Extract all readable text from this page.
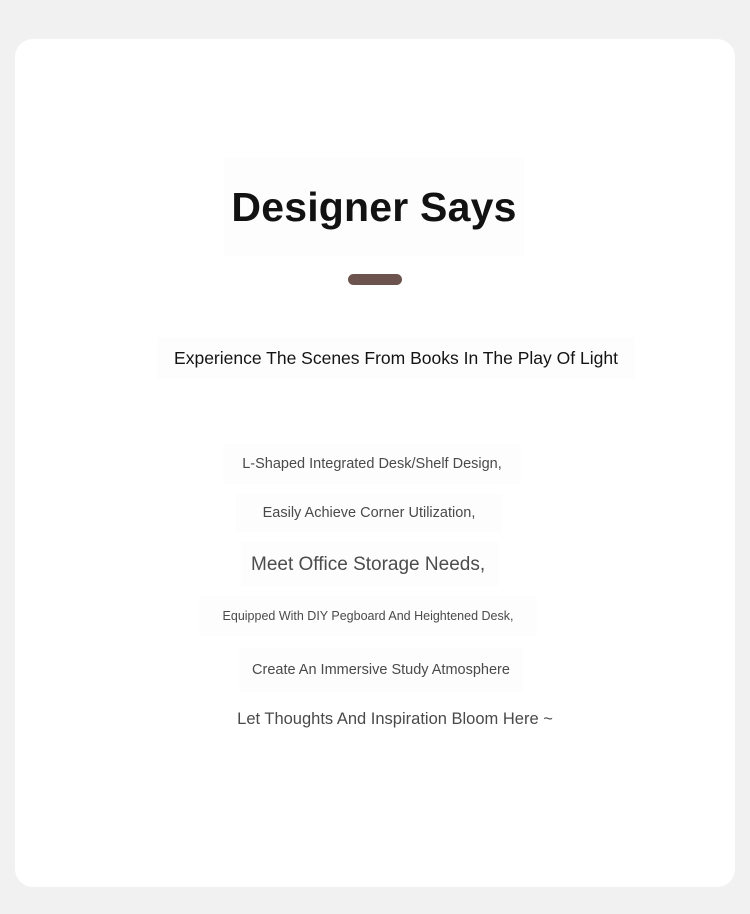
Designer Says
Experience The Scenes From Books In The Play Of Light
L-Shaped Integrated Desk/Shelf Design,
Easily Achieve Corner Utilization,
Meet Office Storage Needs,
Equipped With DIY Pegboard And Heightened Desk,
Create An Immersive Study Atmosphere
Let Thoughts And Inspiration Bloom Here ~
